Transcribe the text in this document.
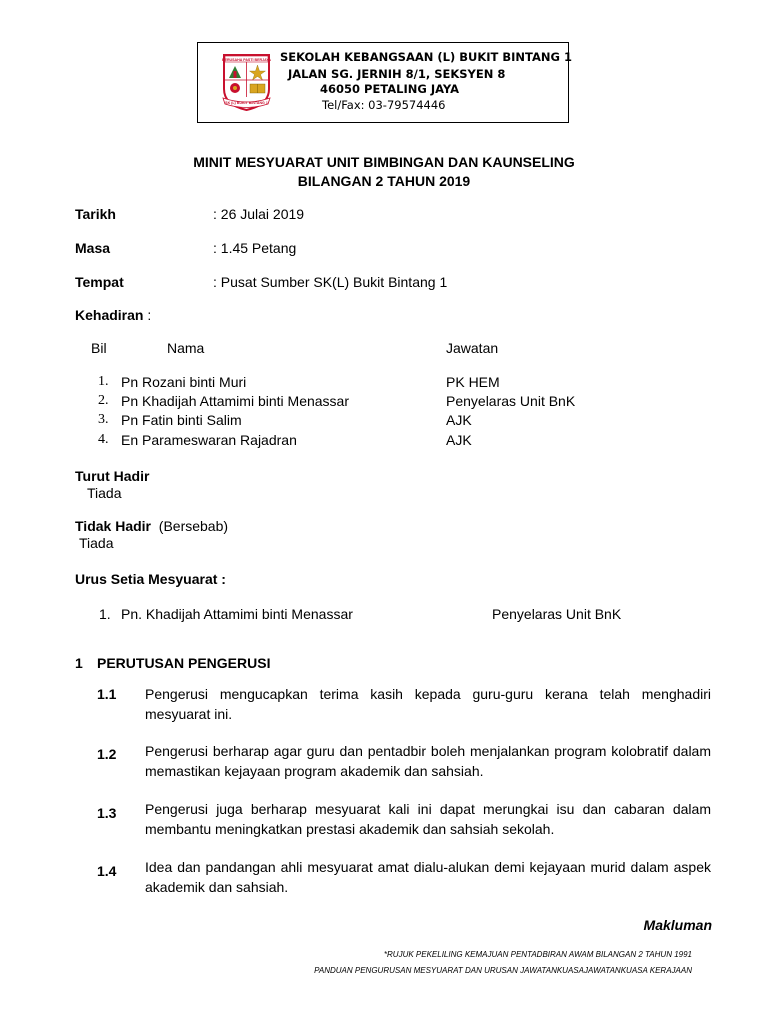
BERUSAHA PASTI BERJAYA
SK (L) BUKIT BINTANG 1
SEKOLAH KEBANGSAAN (L) BUKIT BINTANG 1
JALAN SG. JERNIH 8/1, SEKSYEN 8
46050 PETALING JAYA
Tel/Fax: 03-79574446
MINIT MESYUARAT UNIT BIMBINGAN DAN KAUNSELING
BILANGAN 2 TAHUN 2019
Tarikh	: 26 Julai 2019
Masa	: 1.45 Petang
Tempat	: Pusat Sumber SK(L) Bukit Bintang 1
Kehadiran :
Bil	Nama	Jawatan
1. Pn Rozani binti Muri	PK HEM
2. Pn Khadijah Attamimi binti Menassar	Penyelaras Unit BnK
3. Pn Fatin binti Salim	AJK
4. En Parameswaran Rajadran	AJK
Turut Hadir
Tiada
Tidak Hadir (Bersebab)
Tiada
Urus Setia Mesyuarat :
1. Pn. Khadijah Attamimi binti Menassar	Penyelaras Unit BnK
1 PERUTUSAN PENGERUSI
1.1 Pengerusi mengucapkan terima kasih kepada guru-guru kerana telah menghadiri mesyuarat ini.
1.2 Pengerusi berharap agar guru dan pentadbir boleh menjalankan program kolobratif dalam memastikan kejayaan program akademik dan sahsiah.
1.3 Pengerusi juga berharap mesyuarat kali ini dapat merungkai isu dan cabaran dalam membantu meningkatkan prestasi akademik dan sahsiah sekolah.
1.4 Idea dan pandangan ahli mesyuarat amat dialu-alukan demi kejayaan murid dalam aspek akademik dan sahsiah.
Makluman
*RUJUK PEKELILING KEMAJUAN PENTADBIRAN AWAM BILANGAN 2 TAHUN 1991
PANDUAN PENGURUSAN MESYUARAT DAN URUSAN JAWATANKUASAJAWATANKUASA KERAJAAN
